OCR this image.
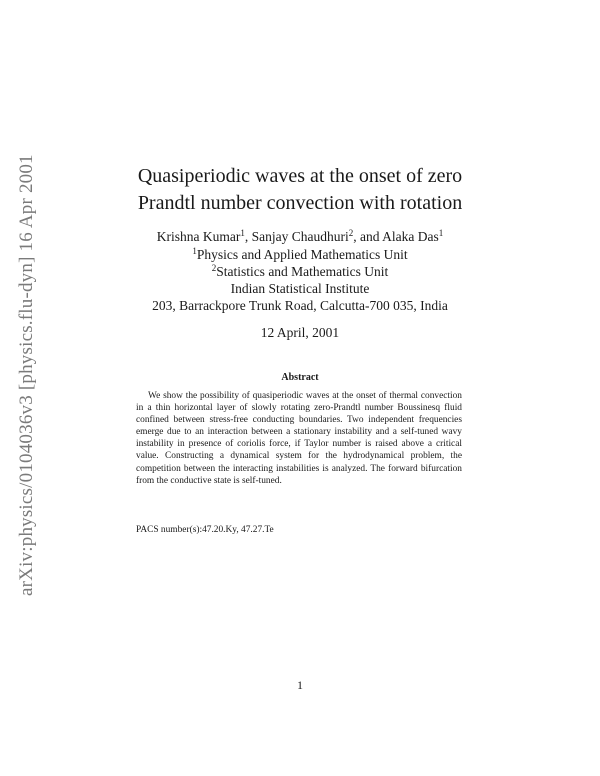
arXiv:physics/0104036v3 [physics.flu-dyn] 16 Apr 2001	Quasiperiodic waves at the onset of zero
Prandtl number convection with rotation
Krishna Kumar$^1$, Sanjay Chaudhuri$^2$, and Alaka Das$^1$
$^1$Physics and Applied Mathematics Unit
$^2$Statistics and Mathematics Unit
Indian Statistical Institute
203, Barrackpore Trunk Road, Calcutta-700 035, India
12 April, 2001
Abstract
We show the possibility of quasiperiodic waves at the onset of thermal convection in a thin horizontal layer of slowly rotating zero-Prandtl number Boussinesq fluid confined between stress-free conducting boundaries. Two independent frequencies emerge due to an interaction between a stationary instability and a self-tuned wavy instability in presence of coriolis force, if Taylor number is raised above a critical value. Constructing a dynamical system for the hydrodynamical problem, the competition between the interacting instabilities is analyzed. The forward bifurcation from the conductive state is self-tuned.
PACS number(s):47.20.Ky, 47.27.Te
1
